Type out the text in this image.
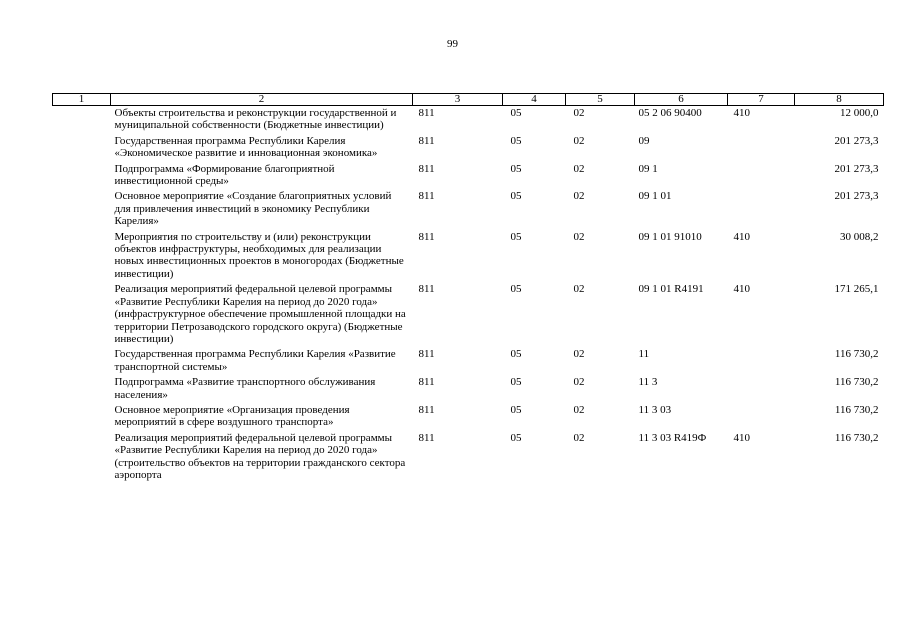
99
1	2	3	4	5	6	7	8
	Объекты строительства и реконструкции государственной и муниципальной собственности (Бюджетные инвестиции)	811	05	02	05 2 06 90400	410	12 000,0
	Государственная программа Республики Карелия «Экономическое развитие и инновационная экономика»	811	05	02	09		201 273,3
	Подпрограмма «Формирование благоприятной инвестиционной среды»	811	05	02	09 1		201 273,3
	Основное мероприятие «Создание благоприятных условий для привлечения инвестиций в экономику Республики Карелия»	811	05	02	09 1 01		201 273,3
	Мероприятия по строительству и (или) реконструкции объектов инфраструктуры, необходимых для реализации новых инвестиционных проектов в моногородах (Бюджетные инвестиции)	811	05	02	09 1 01 91010	410	30 008,2
	Реализация мероприятий федеральной целевой программы «Развитие Республики Карелия на период до 2020 года» (инфраструктурное обеспечение промышленной площадки на территории Петрозаводского городского округа) (Бюджетные инвестиции)	811	05	02	09 1 01 R4191	410	171 265,1
	Государственная программа Республики Карелия «Развитие транспортной системы»	811	05	02	11		116 730,2
	Подпрограмма «Развитие транспортного обслуживания населения»	811	05	02	11 3		116 730,2
	Основное мероприятие «Организация проведения мероприятий в сфере воздушного транспорта»	811	05	02	11 3 03		116 730,2
	Реализация мероприятий федеральной целевой программы «Развитие Республики Карелия на период до 2020 года» (строительство объектов на территории гражданского сектора аэропорта	811	05	02	11 3 03 R419Ф	410	116 730,2
